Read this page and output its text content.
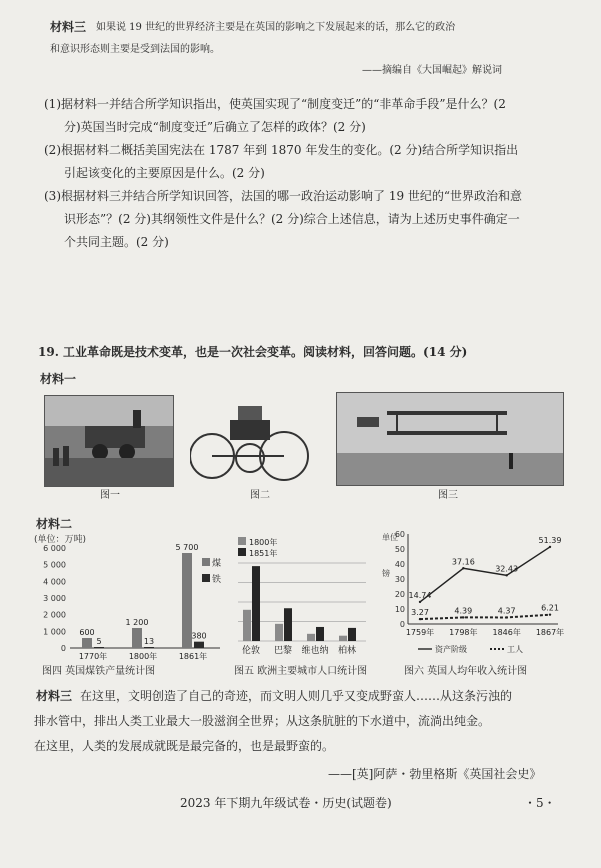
材料三 如果说 19 世纪的世界经济主要是在英国的影响之下发展起来的话，那么它的政治
和意识形态则主要是受到法国的影响。
——摘编自《大国崛起》解说词
(1)据材料一并结合所学知识指出，使英国实现了“制度变迁”的“非革命手段”是什么？(2
分)英国当时完成“制度变迁”后确立了怎样的政体？(2 分)
(2)根据材料二概括美国宪法在 1787 年到 1870 年发生的变化。(2 分)结合所学知识指出
引起该变化的主要原因是什么。(2 分)
(3)根据材料三并结合所学知识回答，法国的哪一政治运动影响了 19 世纪的“世界政治和意
识形态”？(2 分)其纲领性文件是什么？(2 分)综合上述信息，请为上述历史事件确定一
个共同主题。(2 分)
19. 工业革命既是技术变革，也是一次社会变革。阅读材料，回答问题。(14 分)
材料一
图一	图二	图三
材料二
(单位：万吨)
6 000
5 000
4 000
3 000
2 000
1 000
0
600
5
1770年
1 200
13
1800年
5 700
380
1861年
煤
铁
图四 英国煤铁产量统计图
1800年
1851年
伦敦 巴黎 维也纳 柏林
图五 欧洲主要城市人口统计图
单位
镑
60
50
40
30
20
10
0
14.74
37.16
32.43
51.39
3.27	4.39	4.37	6.21
1759年 1798年 1846年 1867年
资产阶级	工人
图六 英国人均年收入统计图
材料三 在这里，文明创造了自己的奇迹，而文明人则几乎又变成野蛮人……从这条污浊的
排水管中，排出人类工业最大一股滋润全世界；从这条肮脏的下水道中，流淌出纯金。
在这里，人类的发展成就既是最完备的，也是最野蛮的。
——[英]阿萨・勃里格斯《英国社会史》
2023 年下期九年级试卷・历史(试题卷)	・5・
